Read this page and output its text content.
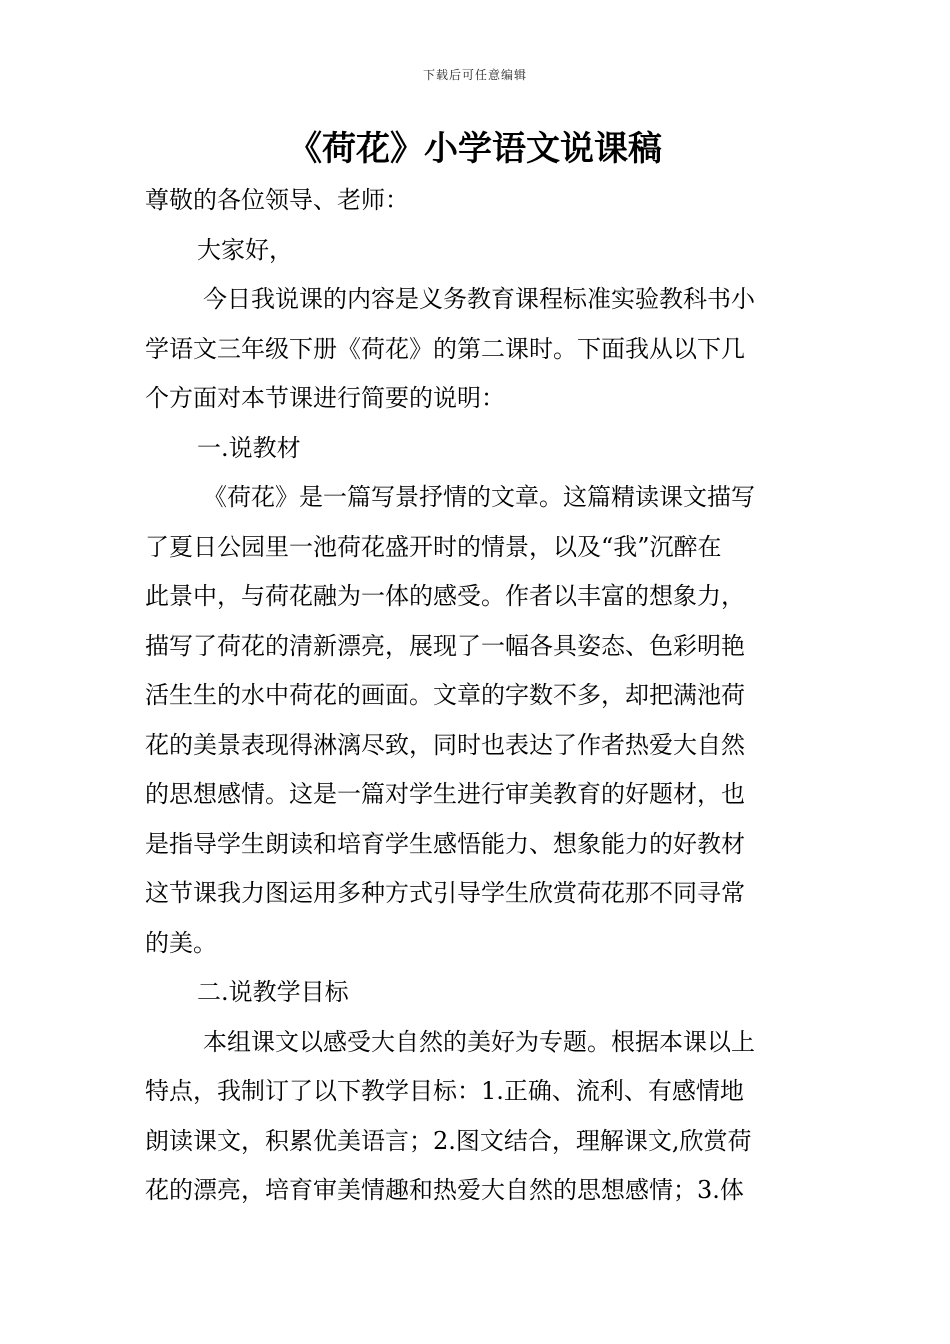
下载后可任意编辑
《荷花》小学语文说课稿
尊敬的各位领导、老师：
大家好，
今日我说课的内容是义务教育课程标准实验教科书小
学语文三年级下册《荷花》的第二课时。下面我从以下几
个方面对本节课进行简要的说明：
一.说教材
《荷花》是一篇写景抒情的文章。这篇精读课文描写
了夏日公园里一池荷花盛开时的情景，以及“我”沉醉在
此景中，与荷花融为一体的感受。作者以丰富的想象力，
描写了荷花的清新漂亮，展现了一幅各具姿态、色彩明艳
活生生的水中荷花的画面。文章的字数不多，却把满池荷
花的美景表现得淋漓尽致，同时也表达了作者热爱大自然
的思想感情。这是一篇对学生进行审美教育的好题材，也
是指导学生朗读和培育学生感悟能力、想象能力的好教材
这节课我力图运用多种方式引导学生欣赏荷花那不同寻常
的美。
二.说教学目标
本组课文以感受大自然的美好为专题。根据本课以上
特点，我制订了以下教学目标：1.正确、流利、有感情地
朗读课文，积累优美语言；2.图文结合，理解课文,欣赏荷
花的漂亮，培育审美情趣和热爱大自然的思想感情；3.体
